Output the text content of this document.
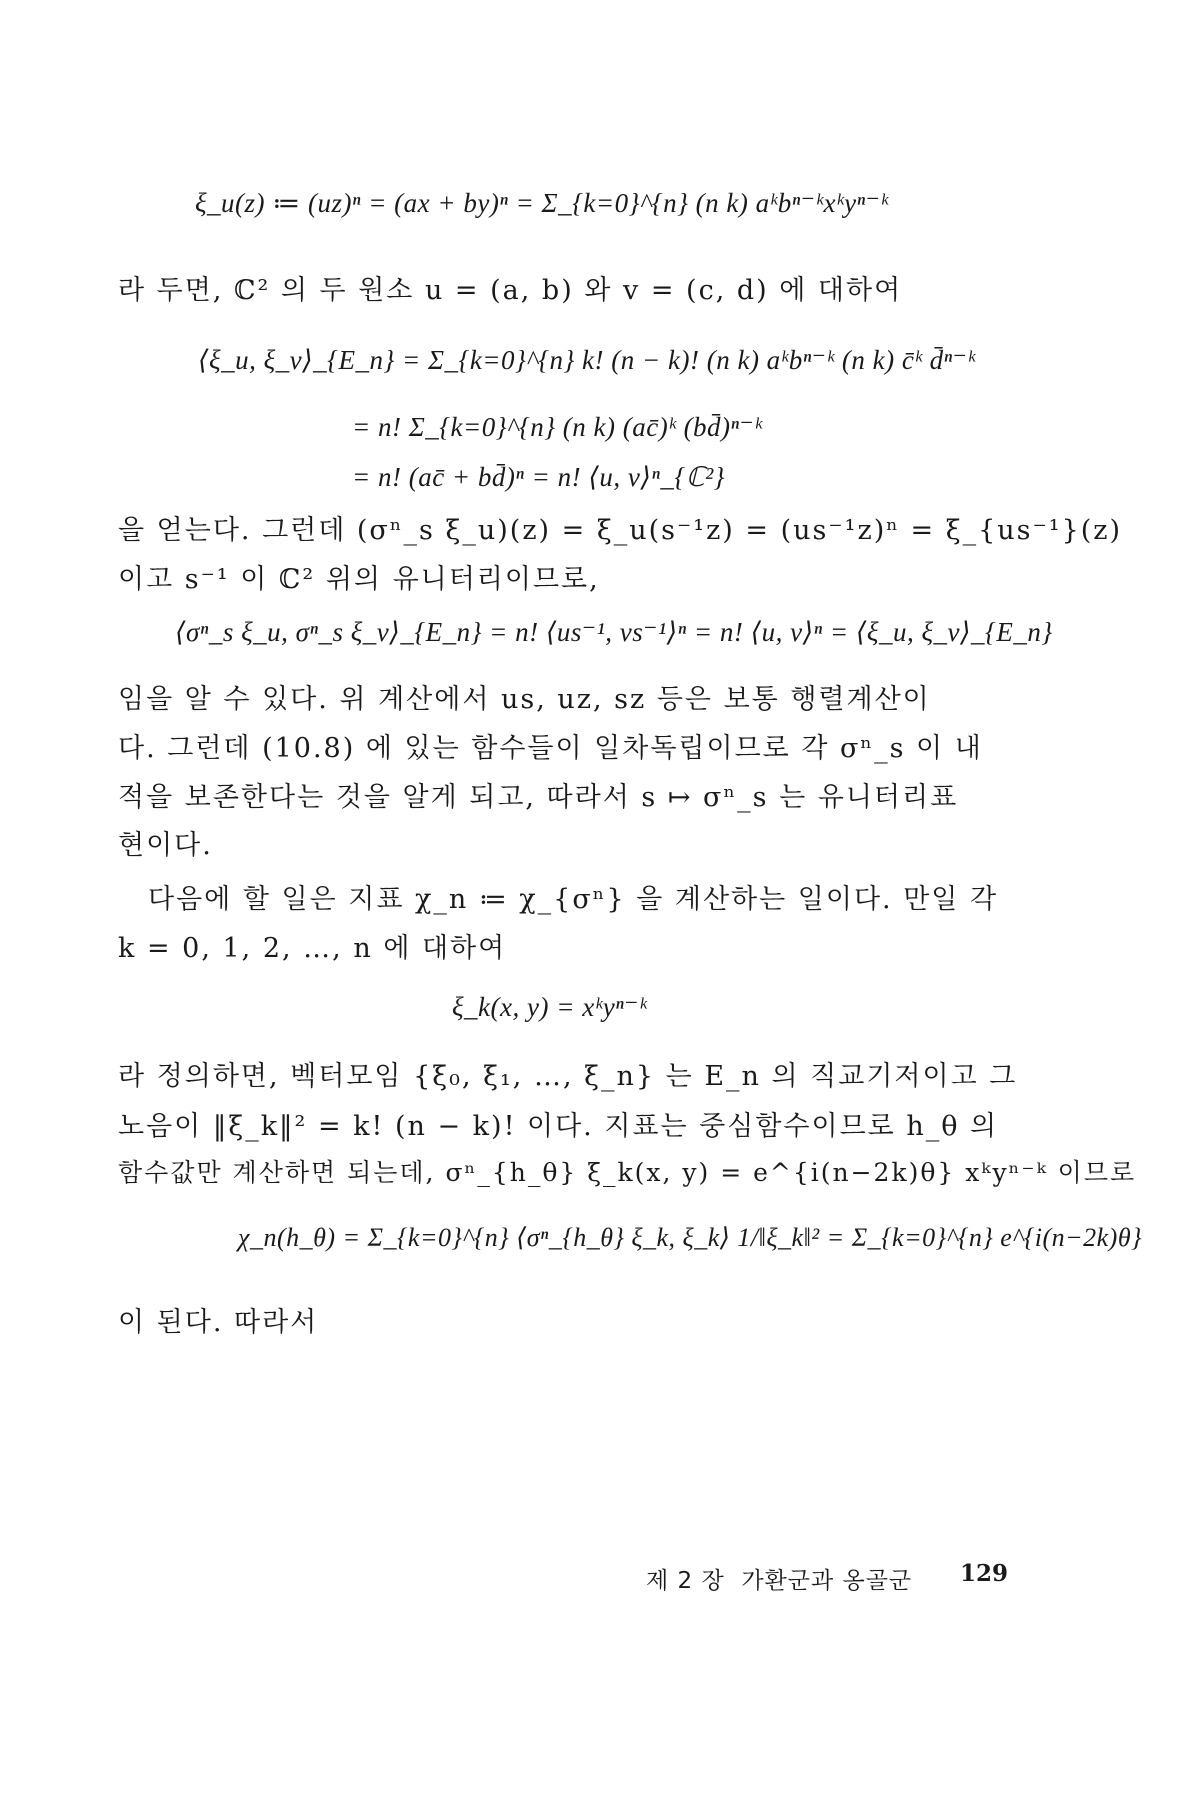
ξ_u(z) ≔ (uz)ⁿ = (ax + by)ⁿ = Σ_{k=0}^{n} (n k) aᵏbⁿ⁻ᵏxᵏyⁿ⁻ᵏ
라 두면, ℂ² 의 두 원소 u = (a, b) 와 v = (c, d) 에 대하여
⟨ξ_u, ξ_v⟩_{E_n} = Σ_{k=0}^{n} k! (n − k)! (n k) aᵏbⁿ⁻ᵏ (n k) c̄ᵏ d̄ⁿ⁻ᵏ
= n! Σ_{k=0}^{n} (n k) (ac̄)ᵏ (bd̄)ⁿ⁻ᵏ
= n! (ac̄ + bd̄)ⁿ = n! ⟨u, v⟩ⁿ_{ℂ²}
을 얻는다. 그런데 (σⁿ_s ξ_u)(z) = ξ_u(s⁻¹z) = (us⁻¹z)ⁿ = ξ_{us⁻¹}(z)
이고 s⁻¹ 이 ℂ² 위의 유니터리이므로,
⟨σⁿ_s ξ_u, σⁿ_s ξ_v⟩_{E_n} = n! ⟨us⁻¹, vs⁻¹⟩ⁿ = n! ⟨u, v⟩ⁿ = ⟨ξ_u, ξ_v⟩_{E_n}
임을 알 수 있다. 위 계산에서 us, uz, sz 등은 보통 행렬계산이
다. 그런데 (10.8) 에 있는 함수들이 일차독립이므로 각 σⁿ_s 이 내
적을 보존한다는 것을 알게 되고, 따라서 s ↦ σⁿ_s 는 유니터리표
현이다.
다음에 할 일은 지표 χ_n ≔ χ_{σⁿ} 을 계산하는 일이다. 만일 각
k = 0, 1, 2, …, n 에 대하여
ξ_k(x, y) = xᵏyⁿ⁻ᵏ
라 정의하면, 벡터모임 {ξ₀, ξ₁, …, ξ_n} 는 E_n 의 직교기저이고 그
노음이 ‖ξ_k‖² = k! (n − k)! 이다. 지표는 중심함수이므로 h_θ 의
함수값만 계산하면 되는데, σⁿ_{h_θ} ξ_k(x, y) = e^{i(n−2k)θ} xᵏyⁿ⁻ᵏ 이므로
χ_n(h_θ) = Σ_{k=0}^{n} ⟨σⁿ_{h_θ} ξ_k, ξ_k⟩ 1/‖ξ_k‖² = Σ_{k=0}^{n} e^{i(n−2k)θ}
이 된다. 따라서
제 2 장  가환군과 옹골군 129
